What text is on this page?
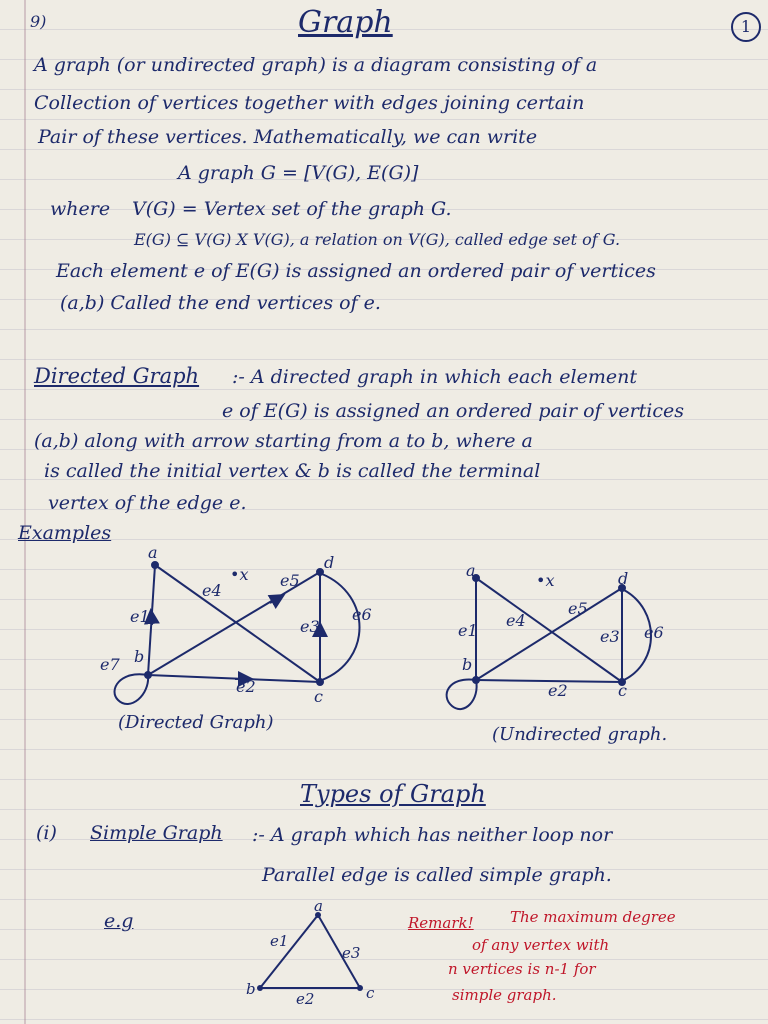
9)	Graph	1
A graph (or undirected graph) is a diagram consisting of a
Collection of vertices together with edges joining certain
Pair of these vertices. Mathematically, we can write
A graph G = [V(G), E(G)]
where V(G) = Vertex set of the graph G.
E(G) ⊆ V(G) X V(G), a relation on V(G), called edge set of G.
Each element e of E(G) is assigned an ordered pair of vertices
(a,b) Called the end vertices of e.
Directed Graph :- A directed graph in which each element
e of E(G) is assigned an ordered pair of vertices
(a,b) along with arrow starting from a to b, where a
is called the initial vertex & b is called the terminal
vertex of the edge e.
Examples
a
b
c
d
•x
e1
e2
e3
e4
e5
e6
e7
(Directed Graph)
a
b
c
d
•x
e1
e2
e3
e4
e5
e6
(Undirected graph.
Types of Graph
(i) Simple Graph :- A graph which has neither loop nor
Parallel edge is called simple graph.
e.g
a
b	c
e1
e2
e3
Remark! The maximum degree
of any vertex with
n vertices is n-1 for
simple graph.
